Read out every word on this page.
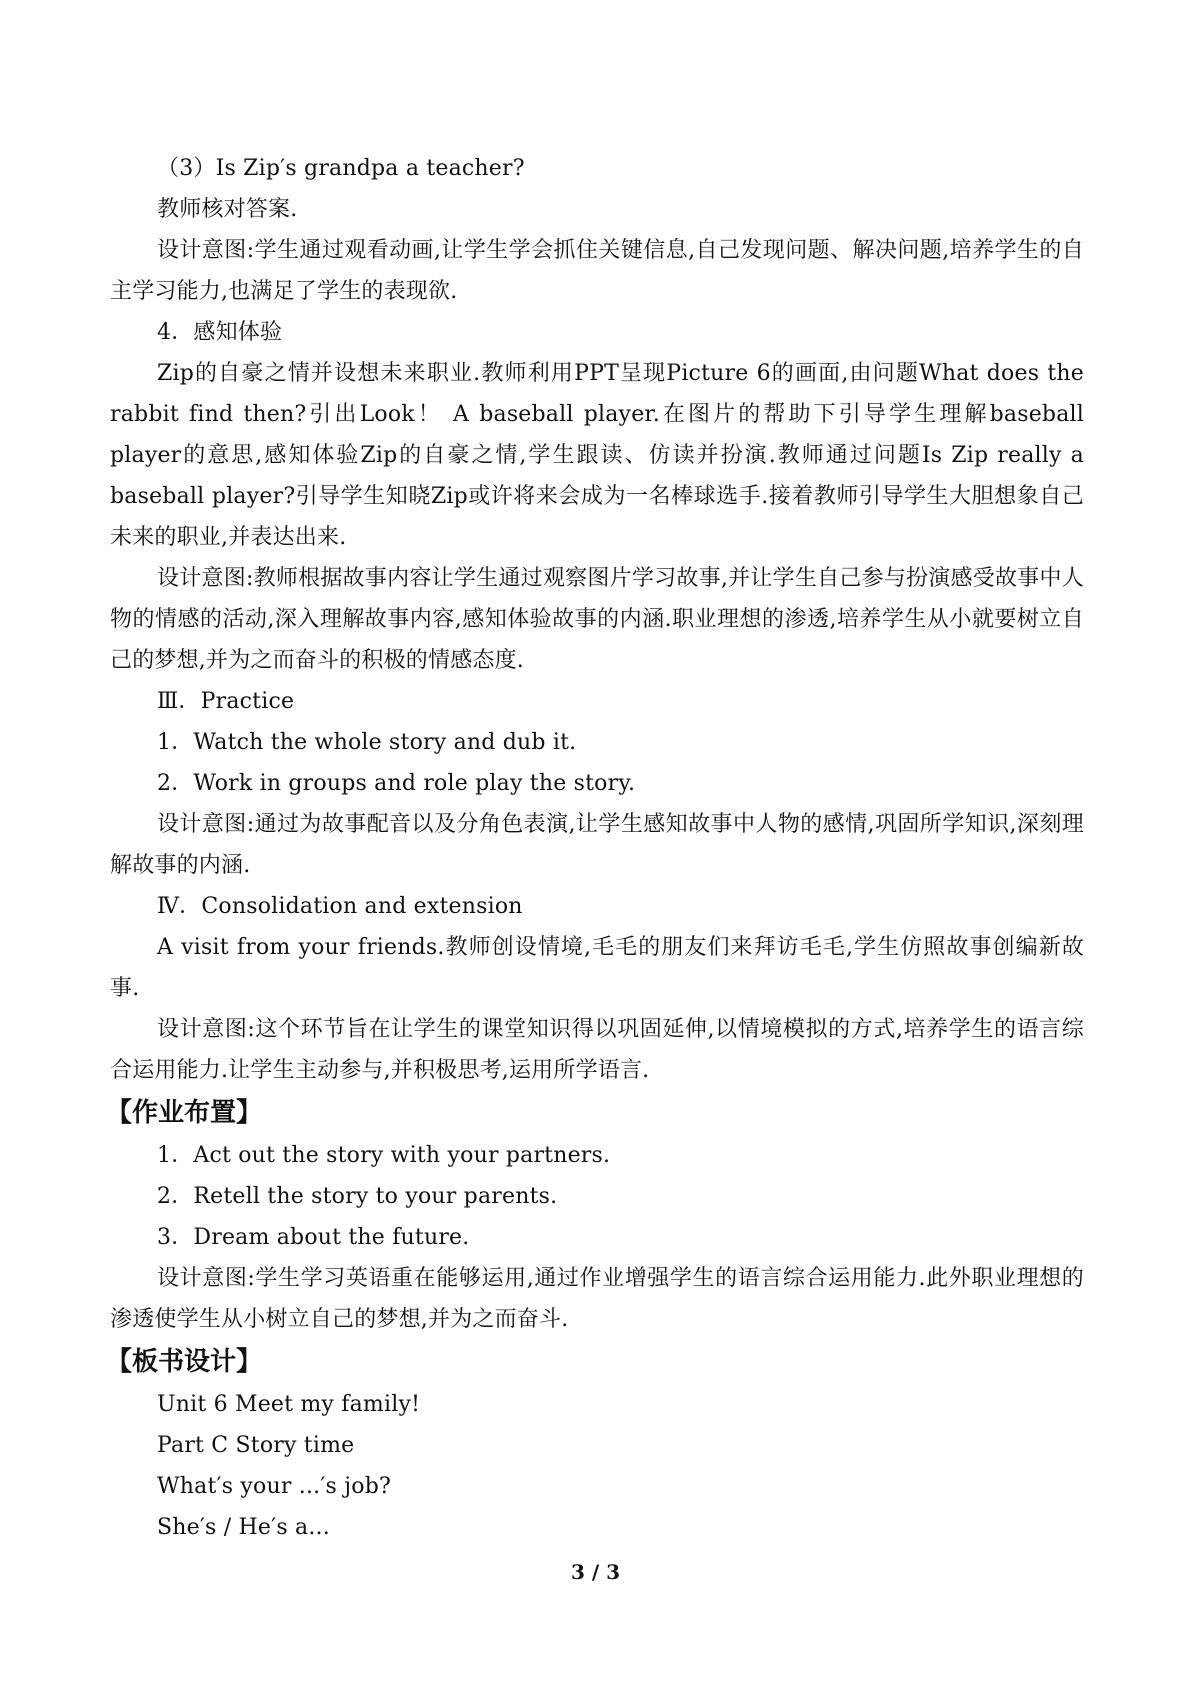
（3）Is Zip′s grandpa a teacher?

教师核对答案.

设计意图:学生通过观看动画,让学生学会抓住关键信息,自己发现问题、解决问题,培养学生的自主学习能力,也满足了学生的表现欲.

4．感知体验

Zip的自豪之情并设想未来职业.教师利用PPT呈现Picture 6的画面,由问题What does the rabbit find then?引出Look！ A baseball player.在图片的帮助下引导学生理解baseball player的意思,感知体验Zip的自豪之情,学生跟读、仿读并扮演.教师通过问题Is Zip really a baseball player?引导学生知晓Zip或许将来会成为一名棒球选手.接着教师引导学生大胆想象自己未来的职业,并表达出来.

设计意图:教师根据故事内容让学生通过观察图片学习故事,并让学生自己参与扮演感受故事中人物的情感的活动,深入理解故事内容,感知体验故事的内涵.职业理想的渗透,培养学生从小就要树立自己的梦想,并为之而奋斗的积极的情感态度.

Ⅲ．Practice

1．Watch the whole story and dub it.

2．Work in groups and role play the story.

设计意图:通过为故事配音以及分角色表演,让学生感知故事中人物的感情,巩固所学知识,深刻理解故事的内涵.

Ⅳ．Consolidation and extension

A visit from your friends.教师创设情境,毛毛的朋友们来拜访毛毛,学生仿照故事创编新故事.

设计意图:这个环节旨在让学生的课堂知识得以巩固延伸,以情境模拟的方式,培养学生的语言综合运用能力.让学生主动参与,并积极思考,运用所学语言.

【作业布置】

1．Act out the story with your partners.

2．Retell the story to your parents.

3．Dream about the future.

设计意图:学生学习英语重在能够运用,通过作业增强学生的语言综合运用能力.此外职业理想的渗透使学生从小树立自己的梦想,并为之而奋斗.

【板书设计】

Unit 6 Meet my family!

Part C Story time

What′s your ...′s job?

She′s / He′s a...

3 / 3
